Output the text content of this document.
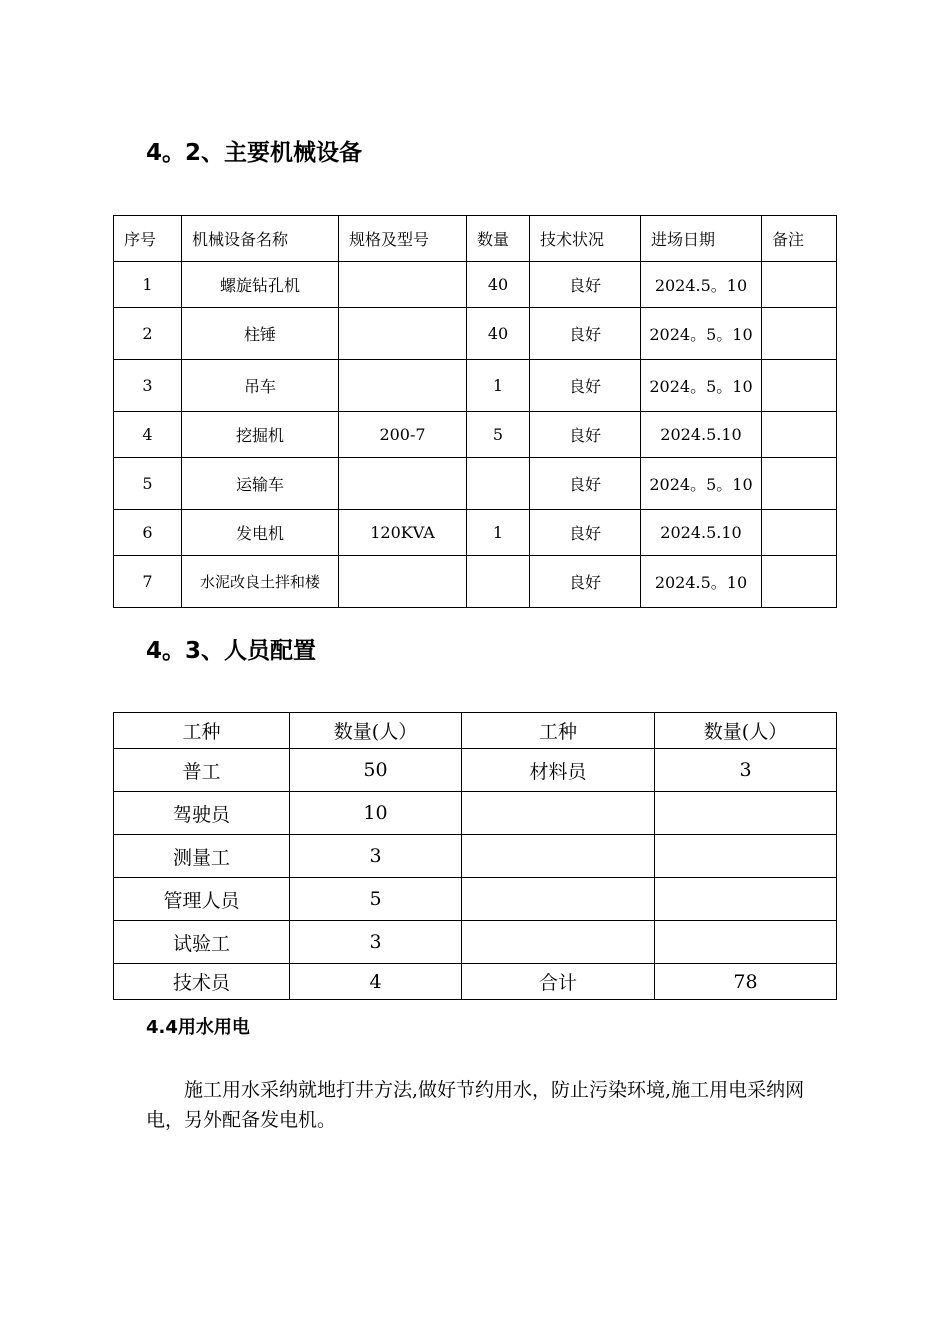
4。2、主要机械设备
序号	机械设备名称	规格及型号	数量	技术状况	进场日期	备注
1	螺旋钻孔机		40	良好	2024.5。10	
2	柱锤		40	良好	2024。5。10	
3	吊车		1	良好	2024。5。10	
4	挖掘机	200-7	5	良好	2024.5.10	
5	运输车			良好	2024。5。10	
6	发电机	120KVA	1	良好	2024.5.10	
7	水泥改良土拌和楼			良好	2024.5。10	
4。3、人员配置
工种	数量(人）	工种	数量(人）
普工	50	材料员	3
驾驶员	10		
测量工	3		
管理人员	5		
试验工	3		
技术员	4	合计	78
4.4用水用电
施工用水采纳就地打井方法,做好节约用水，防止污染环境,施工用电采纳网电，另外配备发电机。
